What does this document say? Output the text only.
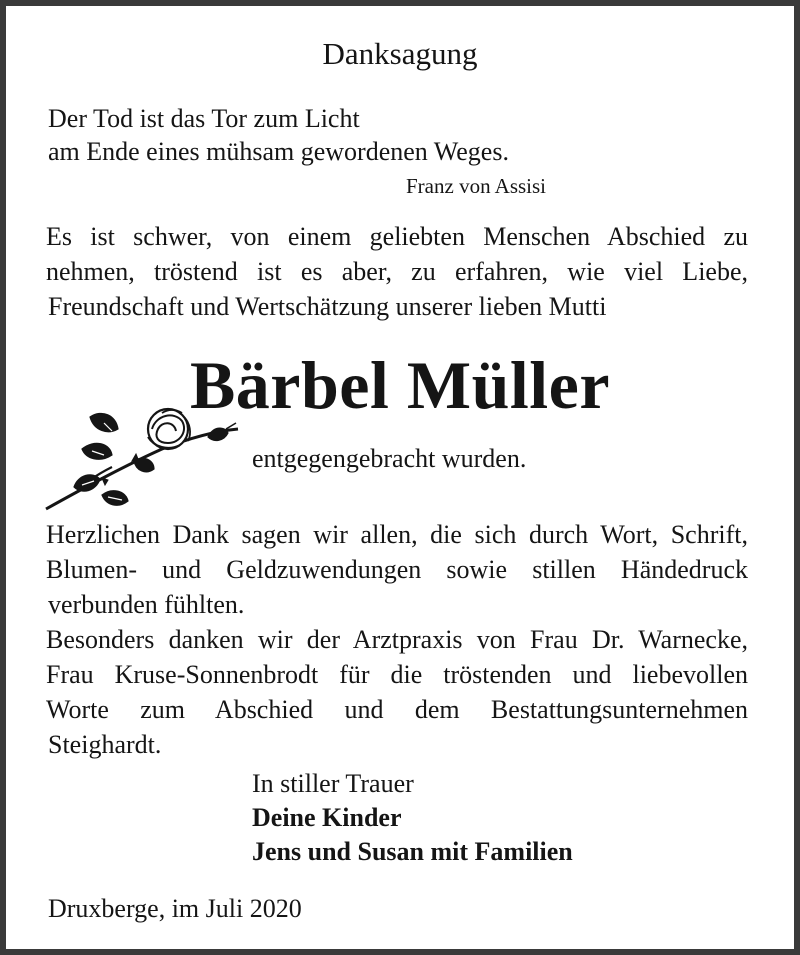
Danksagung
Der Tod ist das Tor zum Licht
am Ende eines mühsam gewordenen Weges.
Franz von Assisi
Es ist schwer, von einem geliebten Menschen Abschied zu
nehmen, tröstend ist es aber, zu erfahren, wie viel Liebe,
Freundschaft und Wertschätzung unserer lieben Mutti
Bärbel Müller
entgegengebracht wurden.
Herzlichen Dank sagen wir allen, die sich durch Wort, Schrift,
Blumen- und Geldzuwendungen sowie stillen Händedruck
verbunden fühlten.
Besonders danken wir der Arztpraxis von Frau Dr. Warnecke,
Frau Kruse-Sonnenbrodt für die tröstenden und liebevollen
Worte zum Abschied und dem Bestattungsunternehmen
Steighardt.
In stiller Trauer
Deine Kinder
Jens und Susan mit Familien
Druxberge, im Juli 2020
